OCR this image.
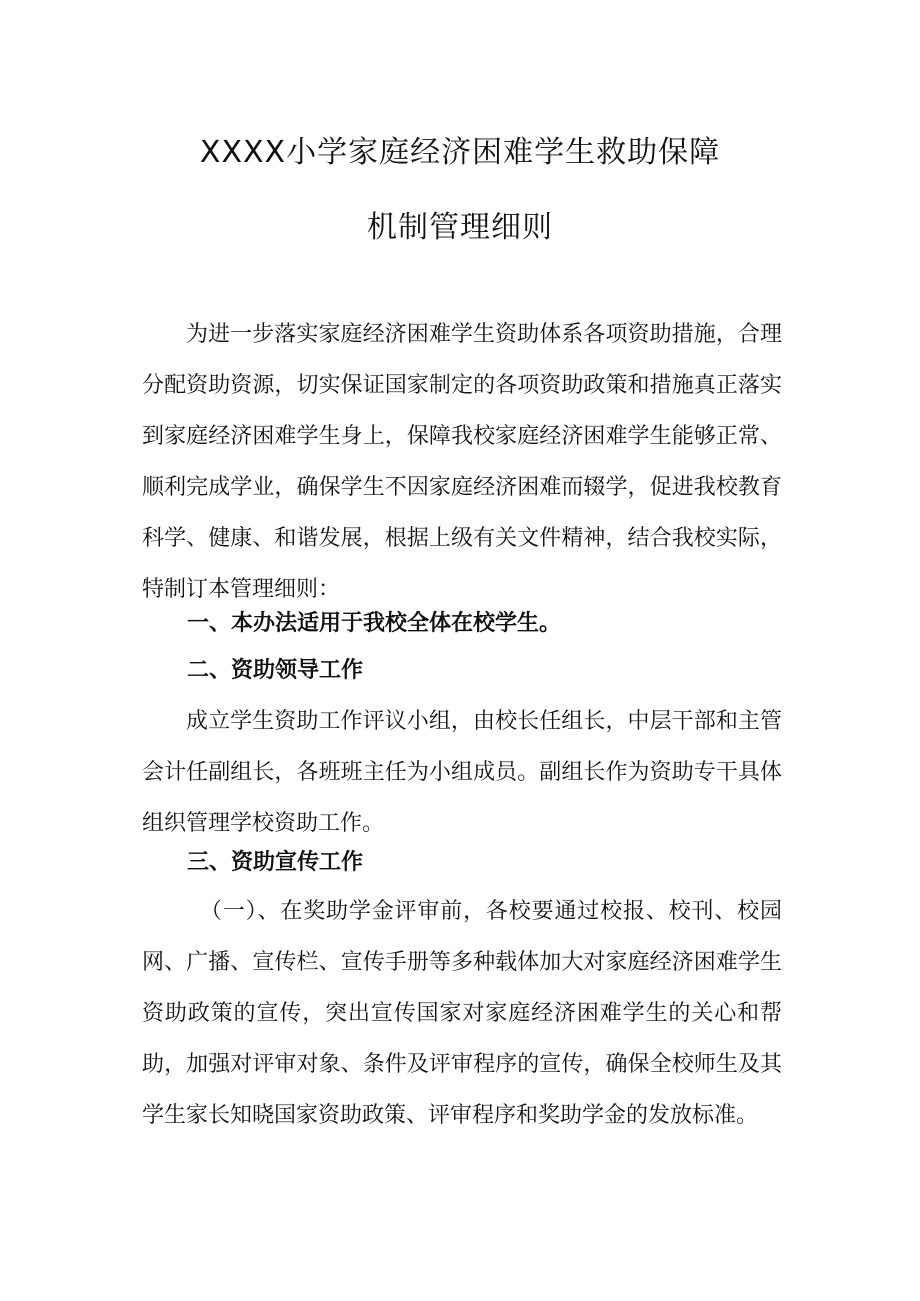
XXXX小学家庭经济困难学生救助保障
机制管理细则

为进一步落实家庭经济困难学生资助体系各项资助措施，合理分配资助资源，切实保证国家制定的各项资助政策和措施真正落实到家庭经济困难学生身上，保障我校家庭经济困难学生能够正常、顺利完成学业，确保学生不因家庭经济困难而辍学，促进我校教育科学、健康、和谐发展，根据上级有关文件精神，结合我校实际，特制订本管理细则：

一、本办法适用于我校全体在校学生。

二、资助领导工作

成立学生资助工作评议小组，由校长任组长，中层干部和主管会计任副组长，各班班主任为小组成员。副组长作为资助专干具体组织管理学校资助工作。

三、资助宣传工作

（一）、在奖助学金评审前，各校要通过校报、校刊、校园网、广播、宣传栏、宣传手册等多种载体加大对家庭经济困难学生资助政策的宣传，突出宣传国家对家庭经济困难学生的关心和帮助，加强对评审对象、条件及评审程序的宣传，确保全校师生及其学生家长知晓国家资助政策、评审程序和奖助学金的发放标准。
